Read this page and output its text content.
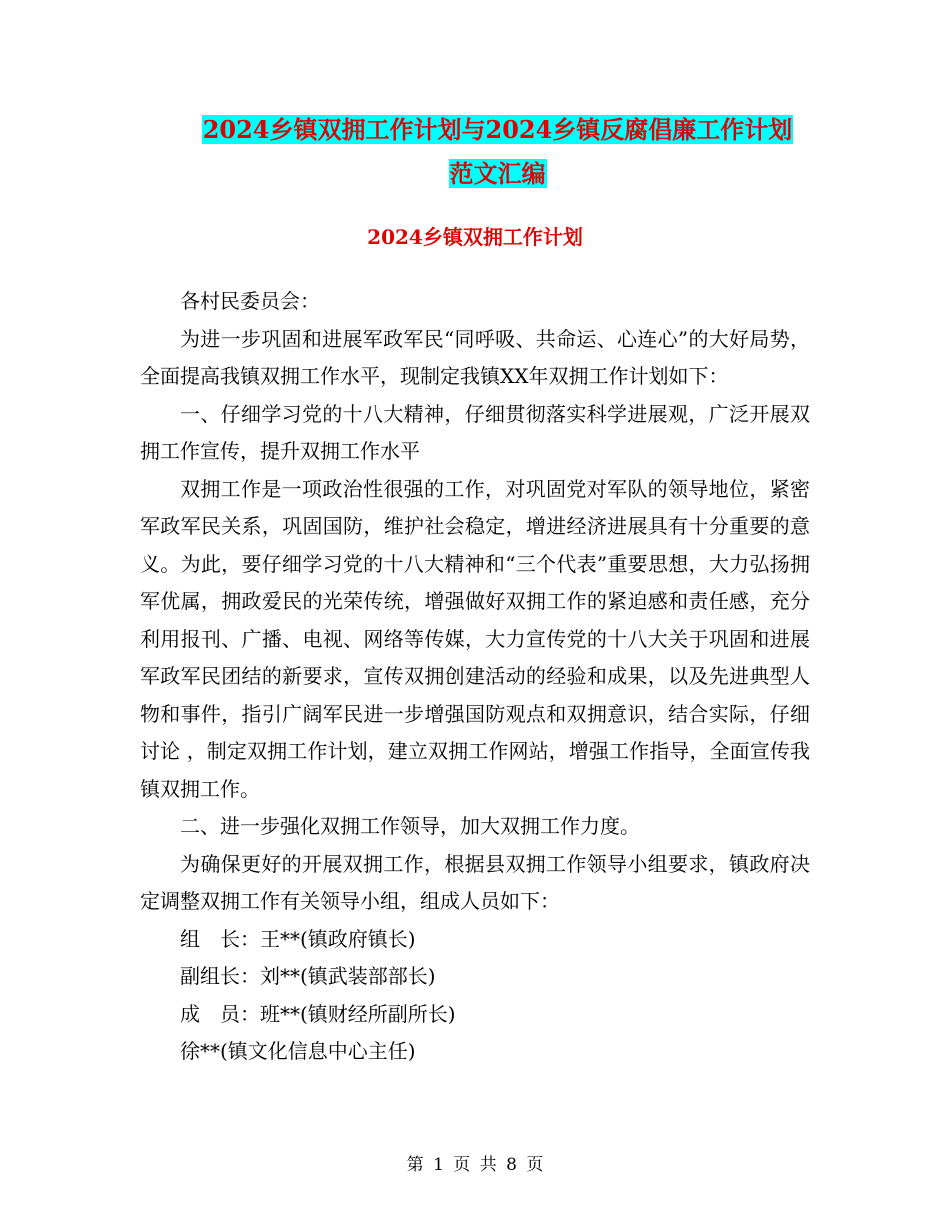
2024乡镇双拥工作计划与2024乡镇反腐倡廉工作计划
范文汇编
2024乡镇双拥工作计划

各村民委员会：

为进一步巩固和进展军政军民“同呼吸、共命运、心连心”的大好局势，全面提高我镇双拥工作水平，现制定我镇XX年双拥工作计划如下：

一、仔细学习党的十八大精神，仔细贯彻落实科学进展观，广泛开展双拥工作宣传，提升双拥工作水平

双拥工作是一项政治性很强的工作，对巩固党对军队的领导地位，紧密军政军民关系，巩固国防，维护社会稳定，增进经济进展具有十分重要的意义。为此，要仔细学习党的十八大精神和“三个代表”重要思想，大力弘扬拥军优属，拥政爱民的光荣传统，增强做好双拥工作的紧迫感和责任感，充分利用报刊、广播、电视、网络等传媒，大力宣传党的十八大关于巩固和进展军政军民团结的新要求，宣传双拥创建活动的经验和成果，以及先进典型人物和事件，指引广阔军民进一步增强国防观点和双拥意识，结合实际，仔细讨论 ，制定双拥工作计划，建立双拥工作网站，增强工作指导，全面宣传我镇双拥工作。

二、进一步强化双拥工作领导，加大双拥工作力度。

为确保更好的开展双拥工作，根据县双拥工作领导小组要求，镇政府决定调整双拥工作有关领导小组，组成人员如下：

组　长：王**(镇政府镇长)

副组长：刘**(镇武装部部长)

成　员：班**(镇财经所副所长)

徐**(镇文化信息中心主任)

第 1 页 共 8 页
